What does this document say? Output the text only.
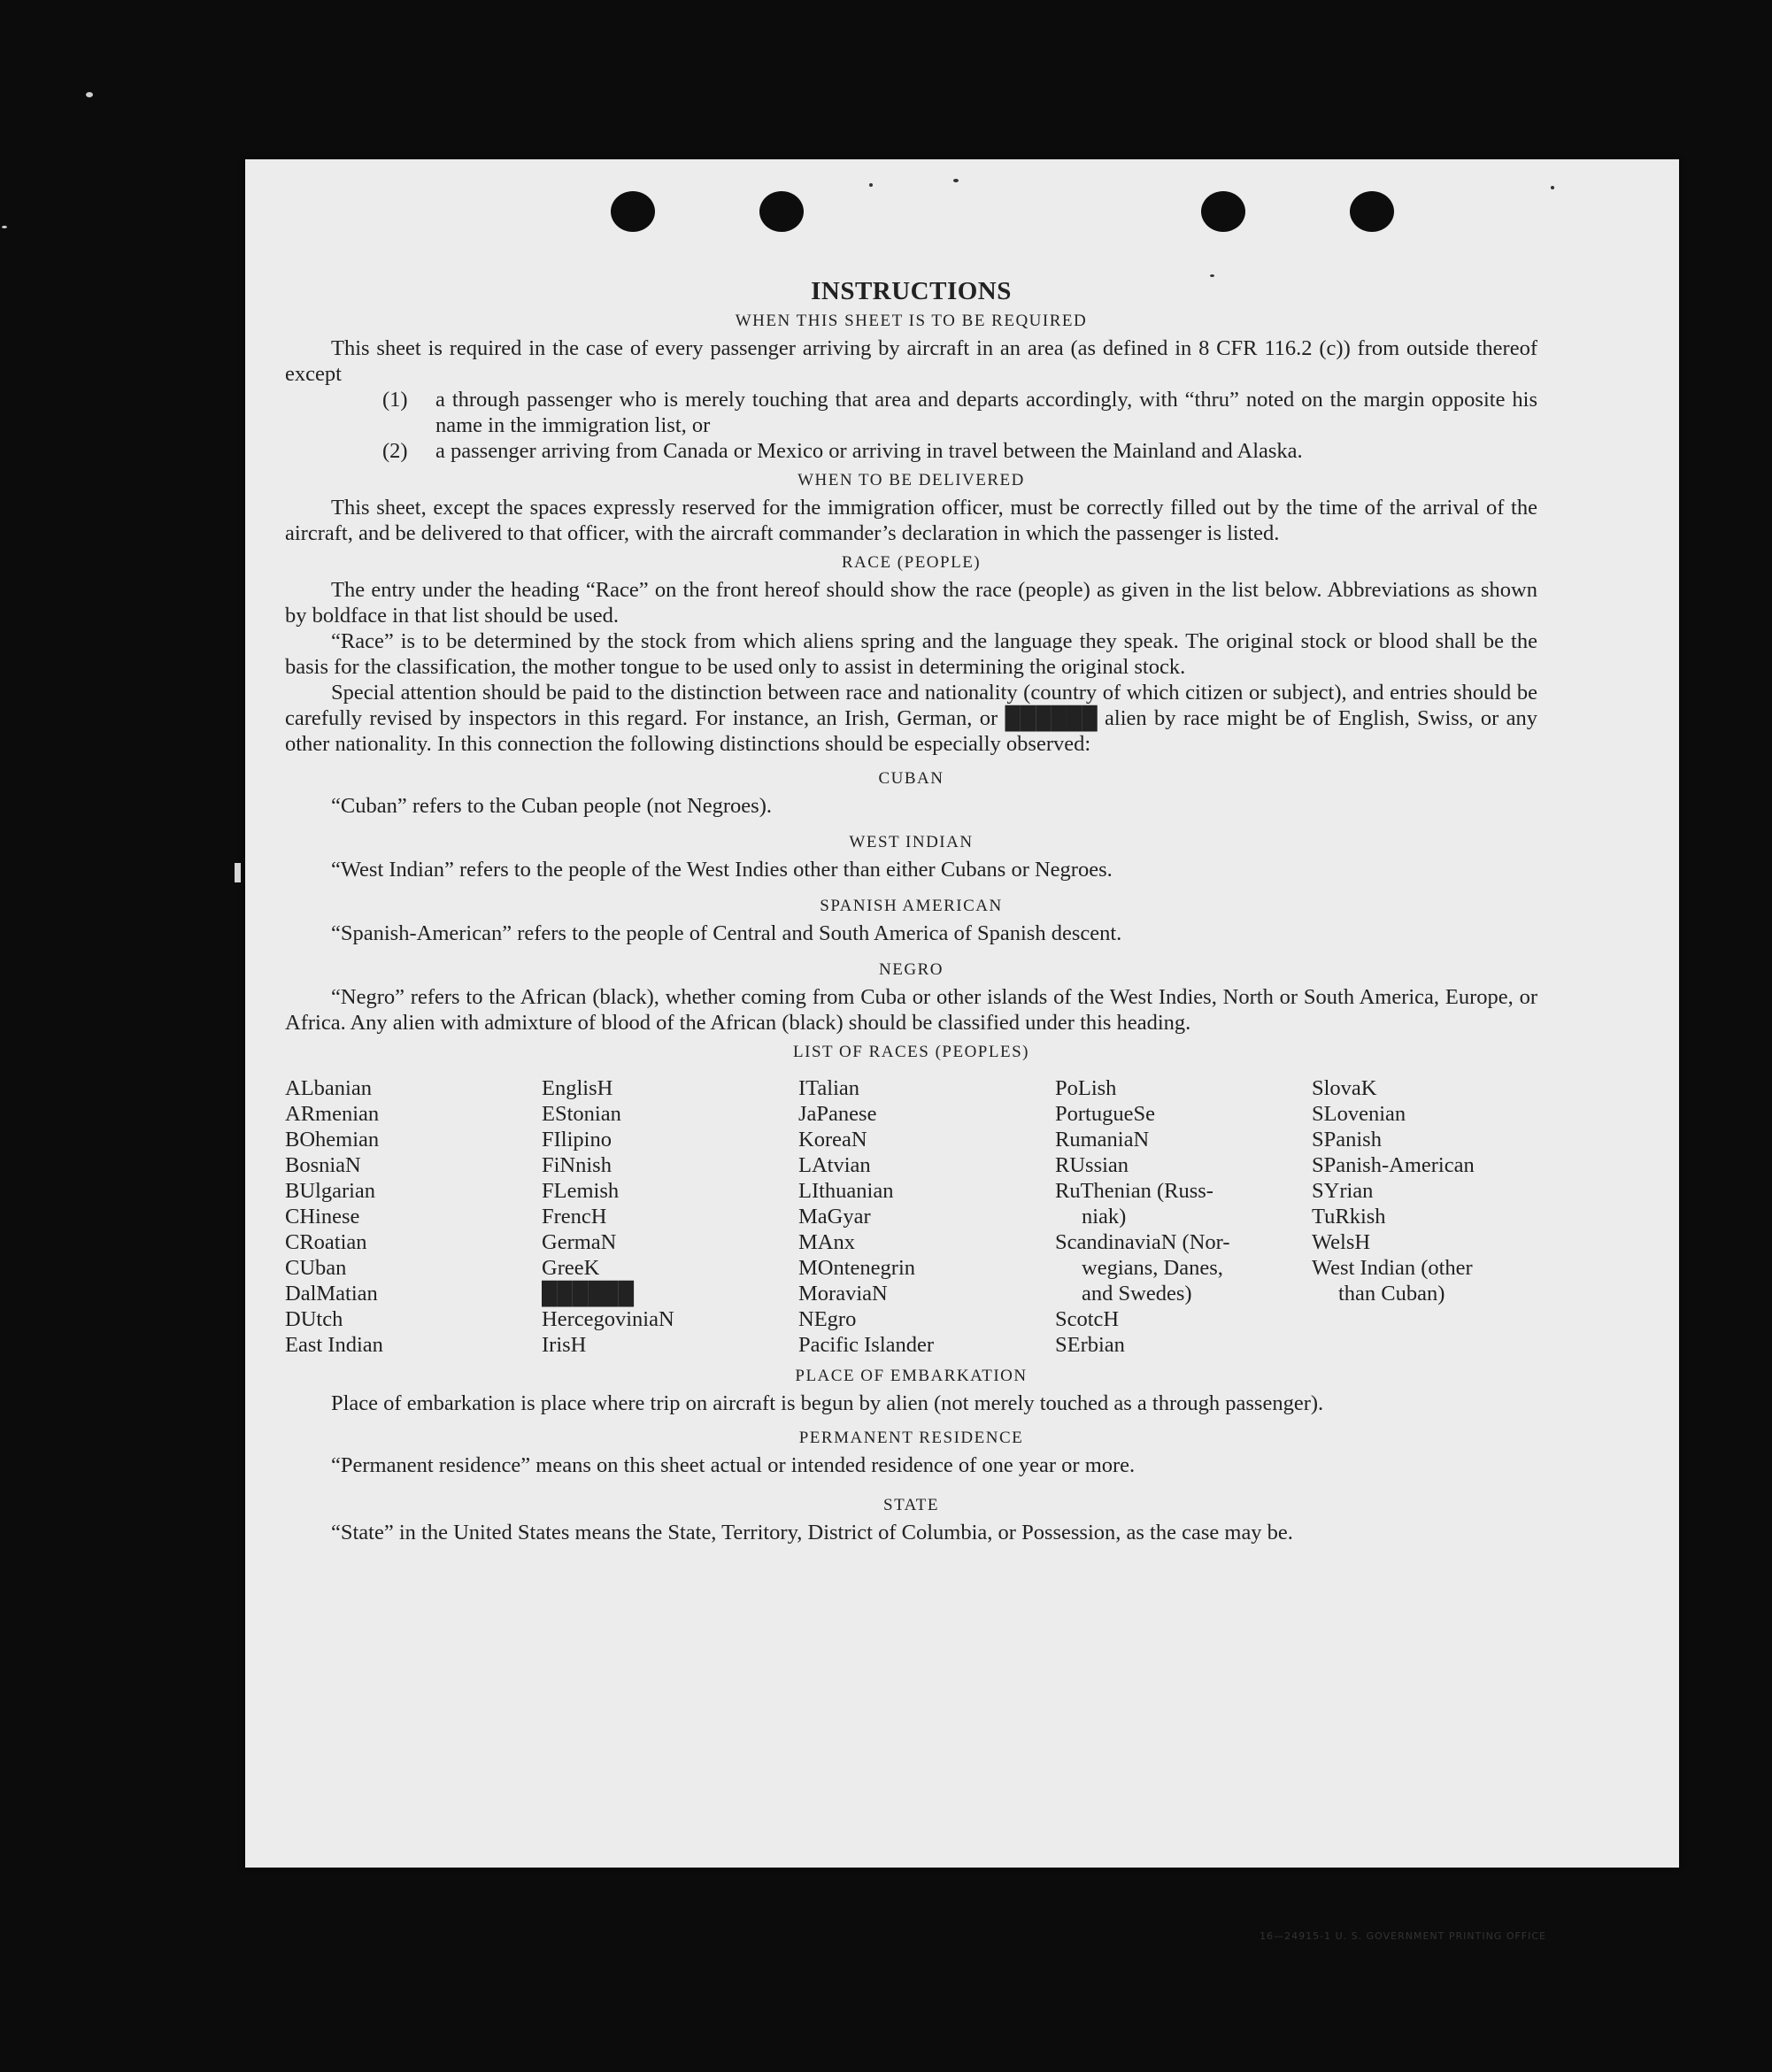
INSTRUCTIONS
WHEN THIS SHEET IS TO BE REQUIRED

This sheet is required in the case of every passenger arriving by aircraft in an area (as defined in 8 CFR 116.2 (c)) from outside thereof except

(1)	a through passenger who is merely touching that area and departs accordingly, with “thru” noted on the margin opposite his name in the immigration list, or
(2)	a passenger arriving from Canada or Mexico or arriving in travel between the Mainland and Alaska.
WHEN TO BE DELIVERED

This sheet, except the spaces expressly reserved for the immigration officer, must be correctly filled out by the time of the arrival of the aircraft, and be delivered to that officer, with the aircraft commander’s declaration in which the passenger is listed.

RACE (PEOPLE)

The entry under the heading “Race” on the front hereof should show the race (people) as given in the list below. Abbreviations as shown by boldface in that list should be used.

“Race” is to be determined by the stock from which aliens spring and the language they speak. The original stock or blood shall be the basis for the classification, the mother tongue to be used only to assist in determining the original stock.

Special attention should be paid to the distinction between race and nationality (country of which citizen or subject), and entries should be carefully revised by inspectors in this regard. For instance, an Irish, German, or ██████ alien by race might be of English, Swiss, or any other nationality. In this connection the following distinctions should be especially observed:

CUBAN

“Cuban” refers to the Cuban people (not Negroes).

WEST INDIAN

“West Indian” refers to the people of the West Indies other than either Cubans or Negroes.

SPANISH AMERICAN

“Spanish-American” refers to the people of Central and South America of Spanish descent.

NEGRO

“Negro” refers to the African (black), whether coming from Cuba or other islands of the West Indies, North or South America, Europe, or Africa. Any alien with admixture of blood of the African (black) should be classified under this heading.

LIST OF RACES (PEOPLES)
ALbanian
ARmenian
BOhemian
BosniaN
BUlgarian
CHinese
CRoatian
CUban
DalMatian
DUtch
East Indian
EnglisH
EStonian
FIlipino
FiNnish
FLemish
FrencH
GermaN
GreeK
██████
HercegoviniaN
IrisH
ITalian
JaPanese
KoreaN
LAtvian
LIthuanian
MaGyar
MAnx
MOntenegrin
MoraviaN
NEgro
Pacific Islander
PoLish
PortugueSe
RumaniaN
RUssian
RuThenian (Russ-
niak)
ScandinaviaN (Nor-
wegians, Danes,
and Swedes)
ScotcH
SErbian
SlovaK
SLovenian
SPanish
SPanish-American
SYrian
TuRkish
WelsH
West Indian (other
than Cuban)
PLACE OF EMBARKATION

Place of embarkation is place where trip on aircraft is begun by alien (not merely touched as a through passenger).

PERMANENT RESIDENCE

“Permanent residence” means on this sheet actual or intended residence of one year or more.

STATE

“State” in the United States means the State, Territory, District of Columbia, or Possession, as the case may be.

16—24915-1 U. S. GOVERNMENT PRINTING OFFICE
